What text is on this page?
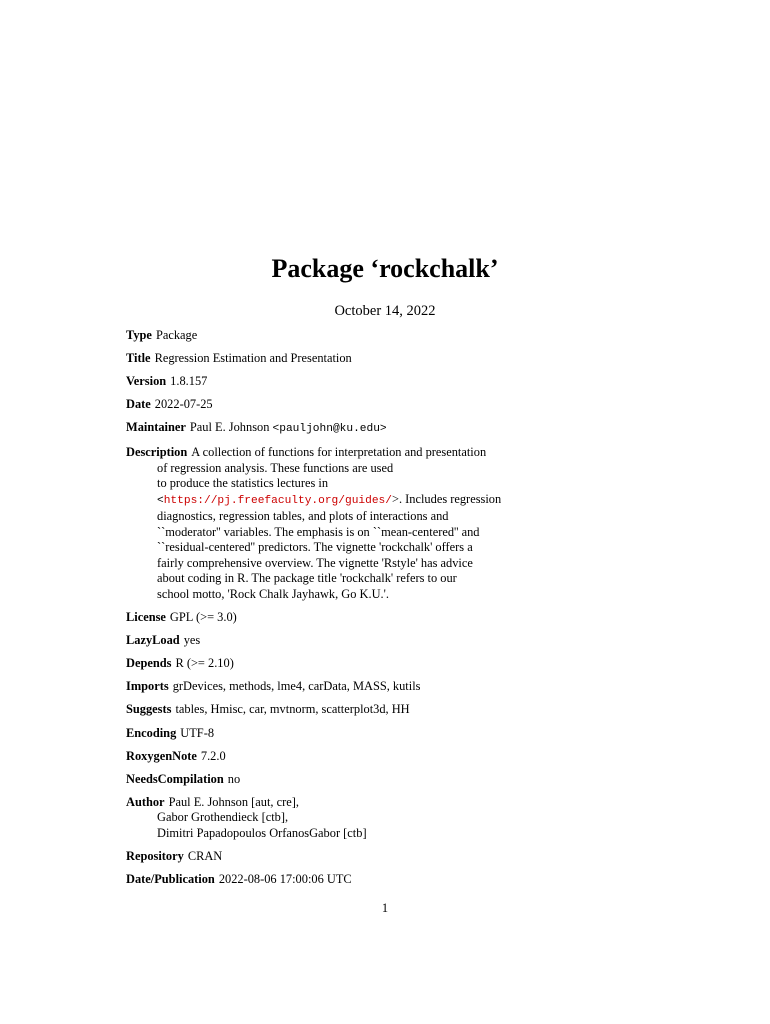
Package ‘rockchalk’
October 14, 2022
Type Package
Title Regression Estimation and Presentation
Version 1.8.157
Date 2022-07-25
Maintainer Paul E. Johnson <pauljohn@ku.edu>
Description A collection of functions for interpretation and presentation
of regression analysis. These functions are used
to produce the statistics lectures in
<https://pj.freefaculty.org/guides/>. Includes regression
diagnostics, regression tables, and plots of interactions and
``moderator'' variables. The emphasis is on ``mean-centered'' and
``residual-centered'' predictors. The vignette 'rockchalk' offers a
fairly comprehensive overview. The vignette 'Rstyle' has advice
about coding in R. The package title 'rockchalk' refers to our
school motto, 'Rock Chalk Jayhawk, Go K.U.'.
License GPL (>= 3.0)
LazyLoad yes
Depends R (>= 2.10)
Imports grDevices, methods, lme4, carData, MASS, kutils
Suggests tables, Hmisc, car, mvtnorm, scatterplot3d, HH
Encoding UTF-8
RoxygenNote 7.2.0
NeedsCompilation no
Author Paul E. Johnson [aut, cre],
Gabor Grothendieck [ctb],
Dimitri Papadopoulos OrfanosGabor [ctb]
Repository CRAN
Date/Publication 2022-08-06 17:00:06 UTC
1
